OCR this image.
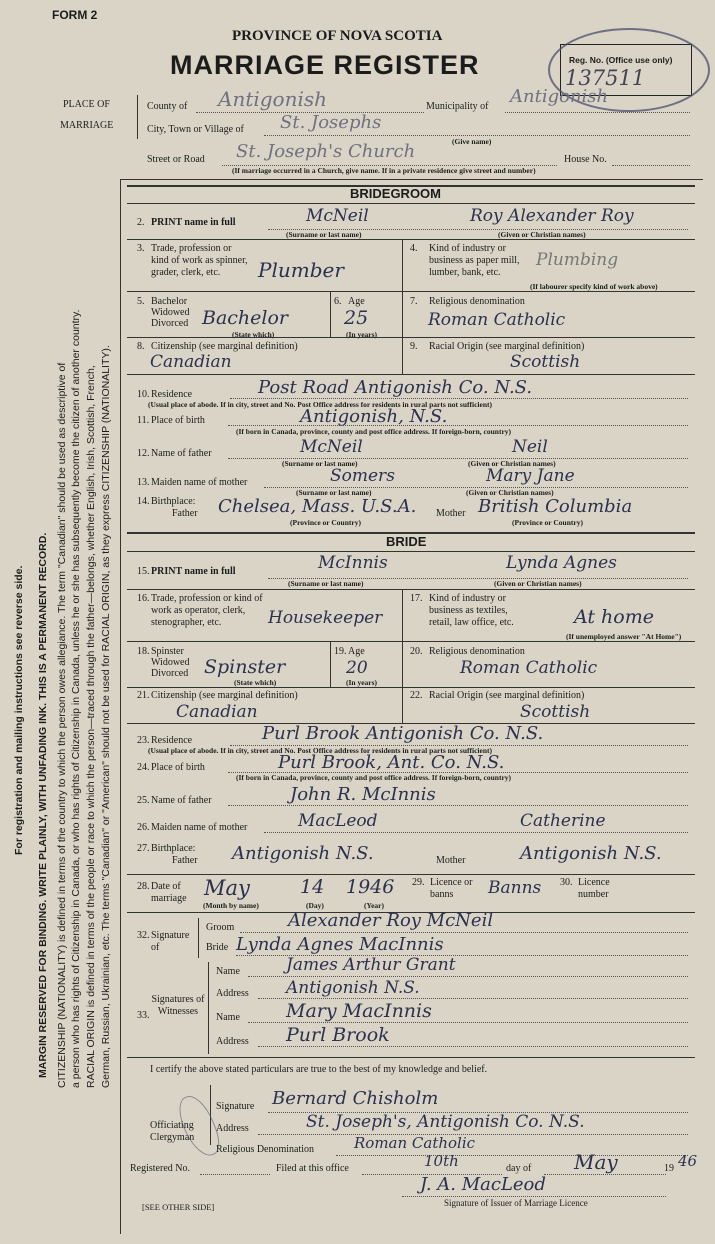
FORM 2
PROVINCE OF NOVA SCOTIA
MARRIAGE REGISTER	Reg. No. (Office use only)
137511
PLACE OF
MARRIAGE
County of Antigonish	Municipality of Antigonish
City, Town or Village of St. Josephs
(Give name)
Street or Road St. Joseph's Church	House No.
(If marriage occurred in a Church, give name. If in a private residence give street and number)
For registration and mailing instructions see reverse side. MARGIN RESERVED FOR BINDING. WRITE PLAINLY, WITH UNFADING INK. THIS IS A PERMANENT RECORD. CITIZENSHIP (NATIONALITY) is defined in terms of the country to which the person owes allegiance. The term "Canadian" should be used as descriptive of a person who has rights of Citizenship in Canada, or who has rights of Citizenship in Canada, unless he or she has subsequently become the citizen of another country. RACIAL ORIGIN is defined in terms of the people or race to which the person—traced through the father—belongs, whether English, Irish, Scottish, French, German, Russian, Ukrainian, etc. The terms "Canadian" or "American" should not be used for RACIAL ORIGIN, as they express CITIZENSHIP (NATIONALITY).
BRIDEGROOM
2. PRINT name in full	McNeil	Roy Alexander Roy
(Surname or last name)	(Given or Christian names)
3. Trade, profession or kind of work as spinner, grader, clerk, etc.	Plumber
4. Kind of industry or business as paper mill, lumber, bank, etc.
Plumbing
(If labourer specify kind of work above)
5. Bachelor Widowed Divorced Bachelor
(State which)
6. Age
25
(In years)
7. Religious denomination
Roman Catholic
8. Citizenship (see marginal definition)
Canadian
9. Racial Origin (see marginal definition)
Scottish
10. Residence	Post Road Antigonish Co. N.S.
(Usual place of abode. If in city, street and No. Post Office address for residents in rural parts not sufficient)
11. Place of birth	Antigonish, N.S.
(If born in Canada, province, county and post office address. If foreign-born, country)
12. Name of father	McNeil	Neil
(Surname or last name)	(Given or Christian names)
13. Maiden name of mother	Somers	Mary Jane
(Surname or last name)	(Given or Christian names)
14. Birthplace:
Father Chelsea, Mass. U.S.A. Mother British Columbia
(Province or Country)	(Province or Country)
BRIDE
15. PRINT name in full	McInnis	Lynda Agnes
(Surname or last name)	(Given or Christian names)
16. Trade, profession or kind of work as operator, clerk, stenographer, etc.	Housekeeper
17. Kind of industry or business as textiles, retail, law office, etc.	At home
(If unemployed answer "At Home")
18. Spinster Widowed Divorced Spinster
(State which)
19. Age
20
(In years)
20. Religious denomination
Roman Catholic
21. Citizenship (see marginal definition)
Canadian
22. Racial Origin (see marginal definition)
Scottish
23. Residence	Purl Brook Antigonish Co. N.S.
(Usual place of abode. If in city, street and No. Post Office address for residents in rural parts not sufficient)
24. Place of birth	Purl Brook, Ant. Co. N.S.
(If born in Canada, province, county and post office address. If foreign-born, country)
25. Name of father	John R. McInnis
26. Maiden name of mother	MacLeod	Catherine
27. Birthplace:
Father Antigonish N.S.	Mother	Antigonish N.S.
28. Date of marriage May	14 1946
(Month by name)	(Day)	(Year)
29. Licence or banns	Banns 30. Licence number
32. Signature of
Groom	Alexander Roy McNeil
Bride Lynda Agnes MacInnis
33.
Signatures of Witnesses
Name	James Arthur Grant
Address Antigonish N.S.
Name Mary MacInnis
Address Purl Brook
I certify the above stated particulars are true to the best of my knowledge and belief.
Officiating Clergyman
Signature Bernard Chisholm
Address	St. Joseph's, Antigonish Co. N.S.
Religious Denomination	Roman Catholic
Registered No.	Filed at this office	10th	day of May	19 46
J. A. MacLeod
Signature of Issuer of Marriage Licence
[SEE OTHER SIDE]
